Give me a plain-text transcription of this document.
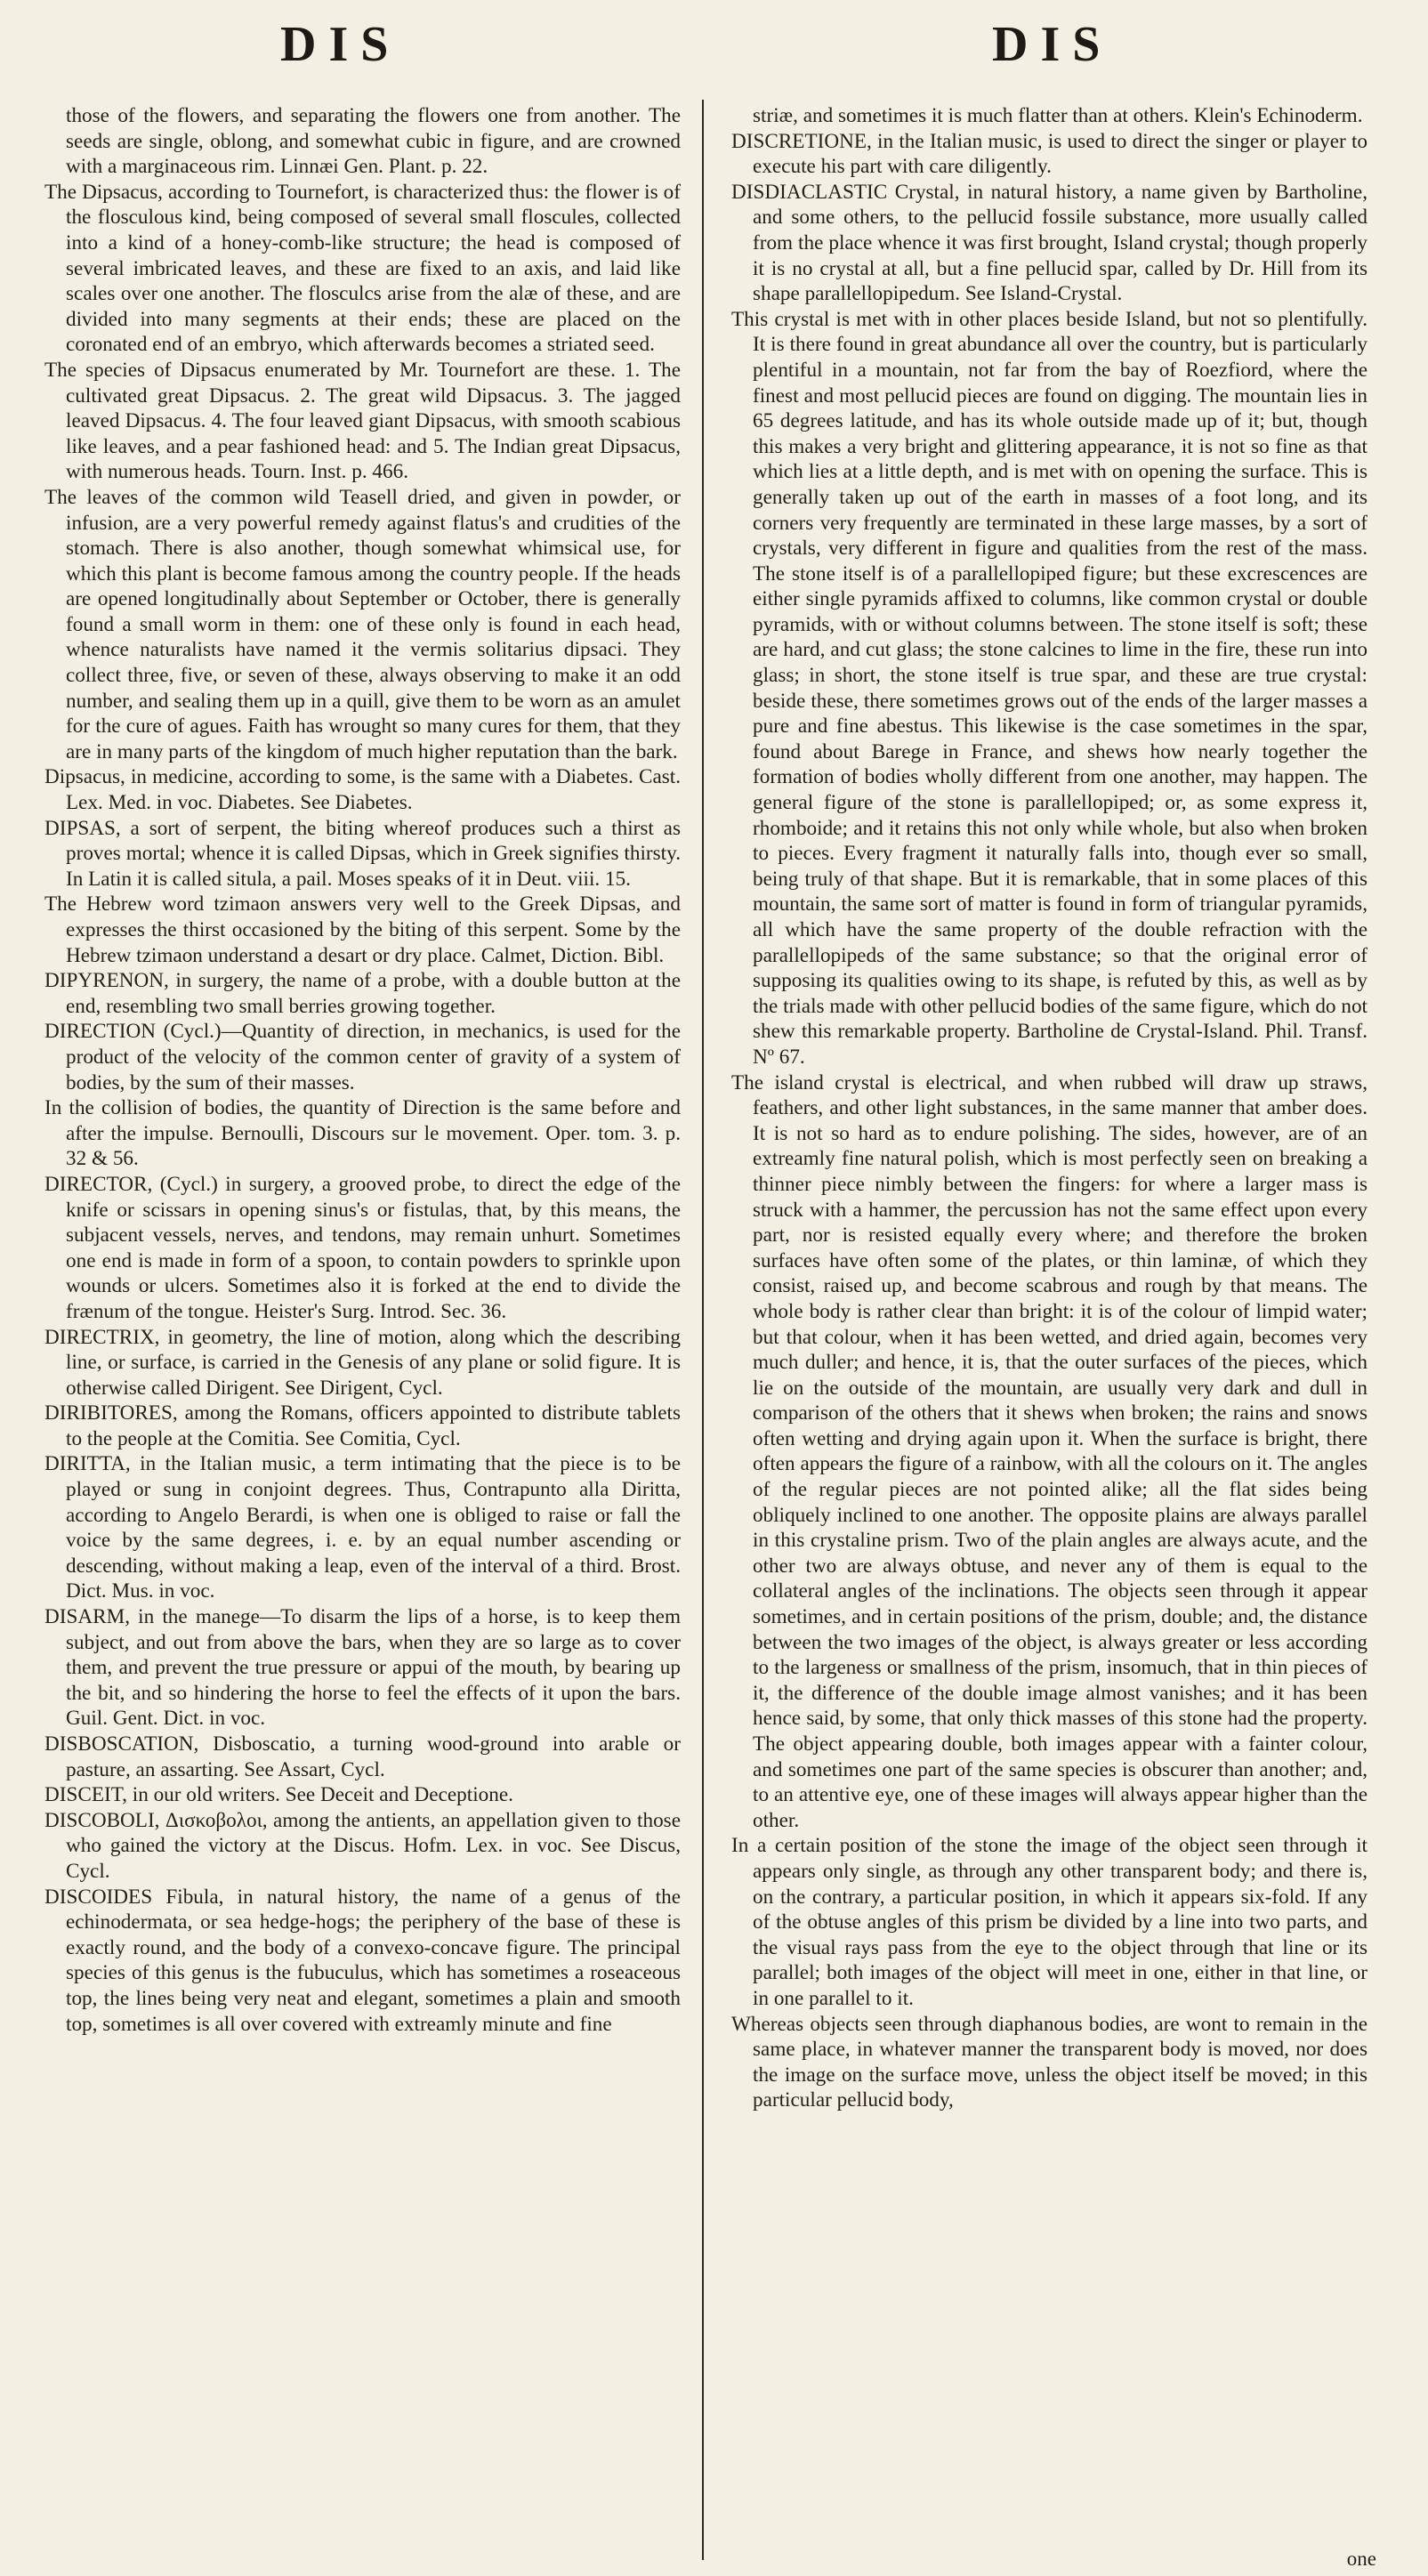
DIS	DIS

those of the flowers, and separating the flowers one from another. The seeds are single, oblong, and somewhat cubic in figure, and are crowned with a marginaceous rim. Linnæi Gen. Plant. p. 22.

The Dipsacus, according to Tournefort, is characterized thus: the flower is of the flosculous kind, being composed of several small floscules, collected into a kind of a honey-comb-like structure; the head is composed of several imbricated leaves, and these are fixed to an axis, and laid like scales over one another. The flosculcs arise from the alæ of these, and are divided into many segments at their ends; these are placed on the coronated end of an embryo, which afterwards becomes a striated seed.

The species of Dipsacus enumerated by Mr. Tournefort are these. 1. The cultivated great Dipsacus. 2. The great wild Dipsacus. 3. The jagged leaved Dipsacus. 4. The four leaved giant Dipsacus, with smooth scabious like leaves, and a pear fashioned head: and 5. The Indian great Dipsacus, with numerous heads. Tourn. Inst. p. 466.

The leaves of the common wild Teasell dried, and given in powder, or infusion, are a very powerful remedy against flatus's and crudities of the stomach. There is also another, though somewhat whimsical use, for which this plant is become famous among the country people. If the heads are opened longitudinally about September or October, there is generally found a small worm in them: one of these only is found in each head, whence naturalists have named it the vermis solitarius dipsaci. They collect three, five, or seven of these, always observing to make it an odd number, and sealing them up in a quill, give them to be worn as an amulet for the cure of agues. Faith has wrought so many cures for them, that they are in many parts of the kingdom of much higher reputation than the bark.

Dipsacus, in medicine, according to some, is the same with a Diabetes. Cast. Lex. Med. in voc. Diabetes. See Diabetes.

DIPSAS, a sort of serpent, the biting whereof produces such a thirst as proves mortal; whence it is called Dipsas, which in Greek signifies thirsty. In Latin it is called situla, a pail. Moses speaks of it in Deut. viii. 15.

The Hebrew word tzimaon answers very well to the Greek Dipsas, and expresses the thirst occasioned by the biting of this serpent. Some by the Hebrew tzimaon understand a desart or dry place. Calmet, Diction. Bibl.

DIPYRENON, in surgery, the name of a probe, with a double button at the end, resembling two small berries growing together.

DIRECTION (Cycl.)—Quantity of direction, in mechanics, is used for the product of the velocity of the common center of gravity of a system of bodies, by the sum of their masses.

In the collision of bodies, the quantity of Direction is the same before and after the impulse. Bernoulli, Discours sur le movement. Oper. tom. 3. p. 32 & 56.

DIRECTOR, (Cycl.) in surgery, a grooved probe, to direct the edge of the knife or scissars in opening sinus's or fistulas, that, by this means, the subjacent vessels, nerves, and tendons, may remain unhurt. Sometimes one end is made in form of a spoon, to contain powders to sprinkle upon wounds or ulcers. Sometimes also it is forked at the end to divide the frænum of the tongue. Heister's Surg. Introd. Sec. 36.

DIRECTRIX, in geometry, the line of motion, along which the describing line, or surface, is carried in the Genesis of any plane or solid figure. It is otherwise called Dirigent. See Dirigent, Cycl.

DIRIBITORES, among the Romans, officers appointed to distribute tablets to the people at the Comitia. See Comitia, Cycl.

DIRITTA, in the Italian music, a term intimating that the piece is to be played or sung in conjoint degrees. Thus, Contrapunto alla Diritta, according to Angelo Berardi, is when one is obliged to raise or fall the voice by the same degrees, i. e. by an equal number ascending or descending, without making a leap, even of the interval of a third. Brost. Dict. Mus. in voc.

DISARM, in the manege—To disarm the lips of a horse, is to keep them subject, and out from above the bars, when they are so large as to cover them, and prevent the true pressure or appui of the mouth, by bearing up the bit, and so hindering the horse to feel the effects of it upon the bars. Guil. Gent. Dict. in voc.

DISBOSCATION, Disboscatio, a turning wood-ground into arable or pasture, an assarting. See Assart, Cycl.

DISCEIT, in our old writers. See Deceit and Deceptione.

DISCOBOLI, Δισκοβολοι, among the antients, an appellation given to those who gained the victory at the Discus. Hofm. Lex. in voc. See Discus, Cycl.

DISCOIDES Fibula, in natural history, the name of a genus of the echinodermata, or sea hedge-hogs; the periphery of the base of these is exactly round, and the body of a convexo-concave figure. The principal species of this genus is the fubuculus, which has sometimes a roseaceous top, the lines being very neat and elegant, sometimes a plain and smooth top, sometimes is all over covered with extreamly minute and fine

striæ, and sometimes it is much flatter than at others. Klein's Echinoderm.

DISCRETIONE, in the Italian music, is used to direct the singer or player to execute his part with care diligently.

DISDIACLASTIC Crystal, in natural history, a name given by Bartholine, and some others, to the pellucid fossile substance, more usually called from the place whence it was first brought, Island crystal; though properly it is no crystal at all, but a fine pellucid spar, called by Dr. Hill from its shape parallellopipedum. See Island-Crystal.

This crystal is met with in other places beside Island, but not so plentifully. It is there found in great abundance all over the country, but is particularly plentiful in a mountain, not far from the bay of Roezfiord, where the finest and most pellucid pieces are found on digging. The mountain lies in 65 degrees latitude, and has its whole outside made up of it; but, though this makes a very bright and glittering appearance, it is not so fine as that which lies at a little depth, and is met with on opening the surface. This is generally taken up out of the earth in masses of a foot long, and its corners very frequently are terminated in these large masses, by a sort of crystals, very different in figure and qualities from the rest of the mass. The stone itself is of a parallellopiped figure; but these excrescences are either single pyramids affixed to columns, like common crystal or double pyramids, with or without columns between. The stone itself is soft; these are hard, and cut glass; the stone calcines to lime in the fire, these run into glass; in short, the stone itself is true spar, and these are true crystal: beside these, there sometimes grows out of the ends of the larger masses a pure and fine abestus. This likewise is the case sometimes in the spar, found about Barege in France, and shews how nearly together the formation of bodies wholly different from one another, may happen. The general figure of the stone is parallellopiped; or, as some express it, rhomboide; and it retains this not only while whole, but also when broken to pieces. Every fragment it naturally falls into, though ever so small, being truly of that shape. But it is remarkable, that in some places of this mountain, the same sort of matter is found in form of triangular pyramids, all which have the same property of the double refraction with the parallellopipeds of the same substance; so that the original error of supposing its qualities owing to its shape, is refuted by this, as well as by the trials made with other pellucid bodies of the same figure, which do not shew this remarkable property. Bartholine de Crystal-Island. Phil. Transf. Nº 67.

The island crystal is electrical, and when rubbed will draw up straws, feathers, and other light substances, in the same manner that amber does. It is not so hard as to endure polishing. The sides, however, are of an extreamly fine natural polish, which is most perfectly seen on breaking a thinner piece nimbly between the fingers: for where a larger mass is struck with a hammer, the percussion has not the same effect upon every part, nor is resisted equally every where; and therefore the broken surfaces have often some of the plates, or thin laminæ, of which they consist, raised up, and become scabrous and rough by that means. The whole body is rather clear than bright: it is of the colour of limpid water; but that colour, when it has been wetted, and dried again, becomes very much duller; and hence, it is, that the outer surfaces of the pieces, which lie on the outside of the mountain, are usually very dark and dull in comparison of the others that it shews when broken; the rains and snows often wetting and drying again upon it. When the surface is bright, there often appears the figure of a rainbow, with all the colours on it. The angles of the regular pieces are not pointed alike; all the flat sides being obliquely inclined to one another. The opposite plains are always parallel in this crystaline prism. Two of the plain angles are always acute, and the other two are always obtuse, and never any of them is equal to the collateral angles of the inclinations. The objects seen through it appear sometimes, and in certain positions of the prism, double; and, the distance between the two images of the object, is always greater or less according to the largeness or smallness of the prism, insomuch, that in thin pieces of it, the difference of the double image almost vanishes; and it has been hence said, by some, that only thick masses of this stone had the property. The object appearing double, both images appear with a fainter colour, and sometimes one part of the same species is obscurer than another; and, to an attentive eye, one of these images will always appear higher than the other.

In a certain position of the stone the image of the object seen through it appears only single, as through any other transparent body; and there is, on the contrary, a particular position, in which it appears six-fold. If any of the obtuse angles of this prism be divided by a line into two parts, and the visual rays pass from the eye to the object through that line or its parallel; both images of the object will meet in one, either in that line, or in one parallel to it.

Whereas objects seen through diaphanous bodies, are wont to remain in the same place, in whatever manner the transparent body is moved, nor does the image on the surface move, unless the object itself be moved; in this particular pellucid body,

one
